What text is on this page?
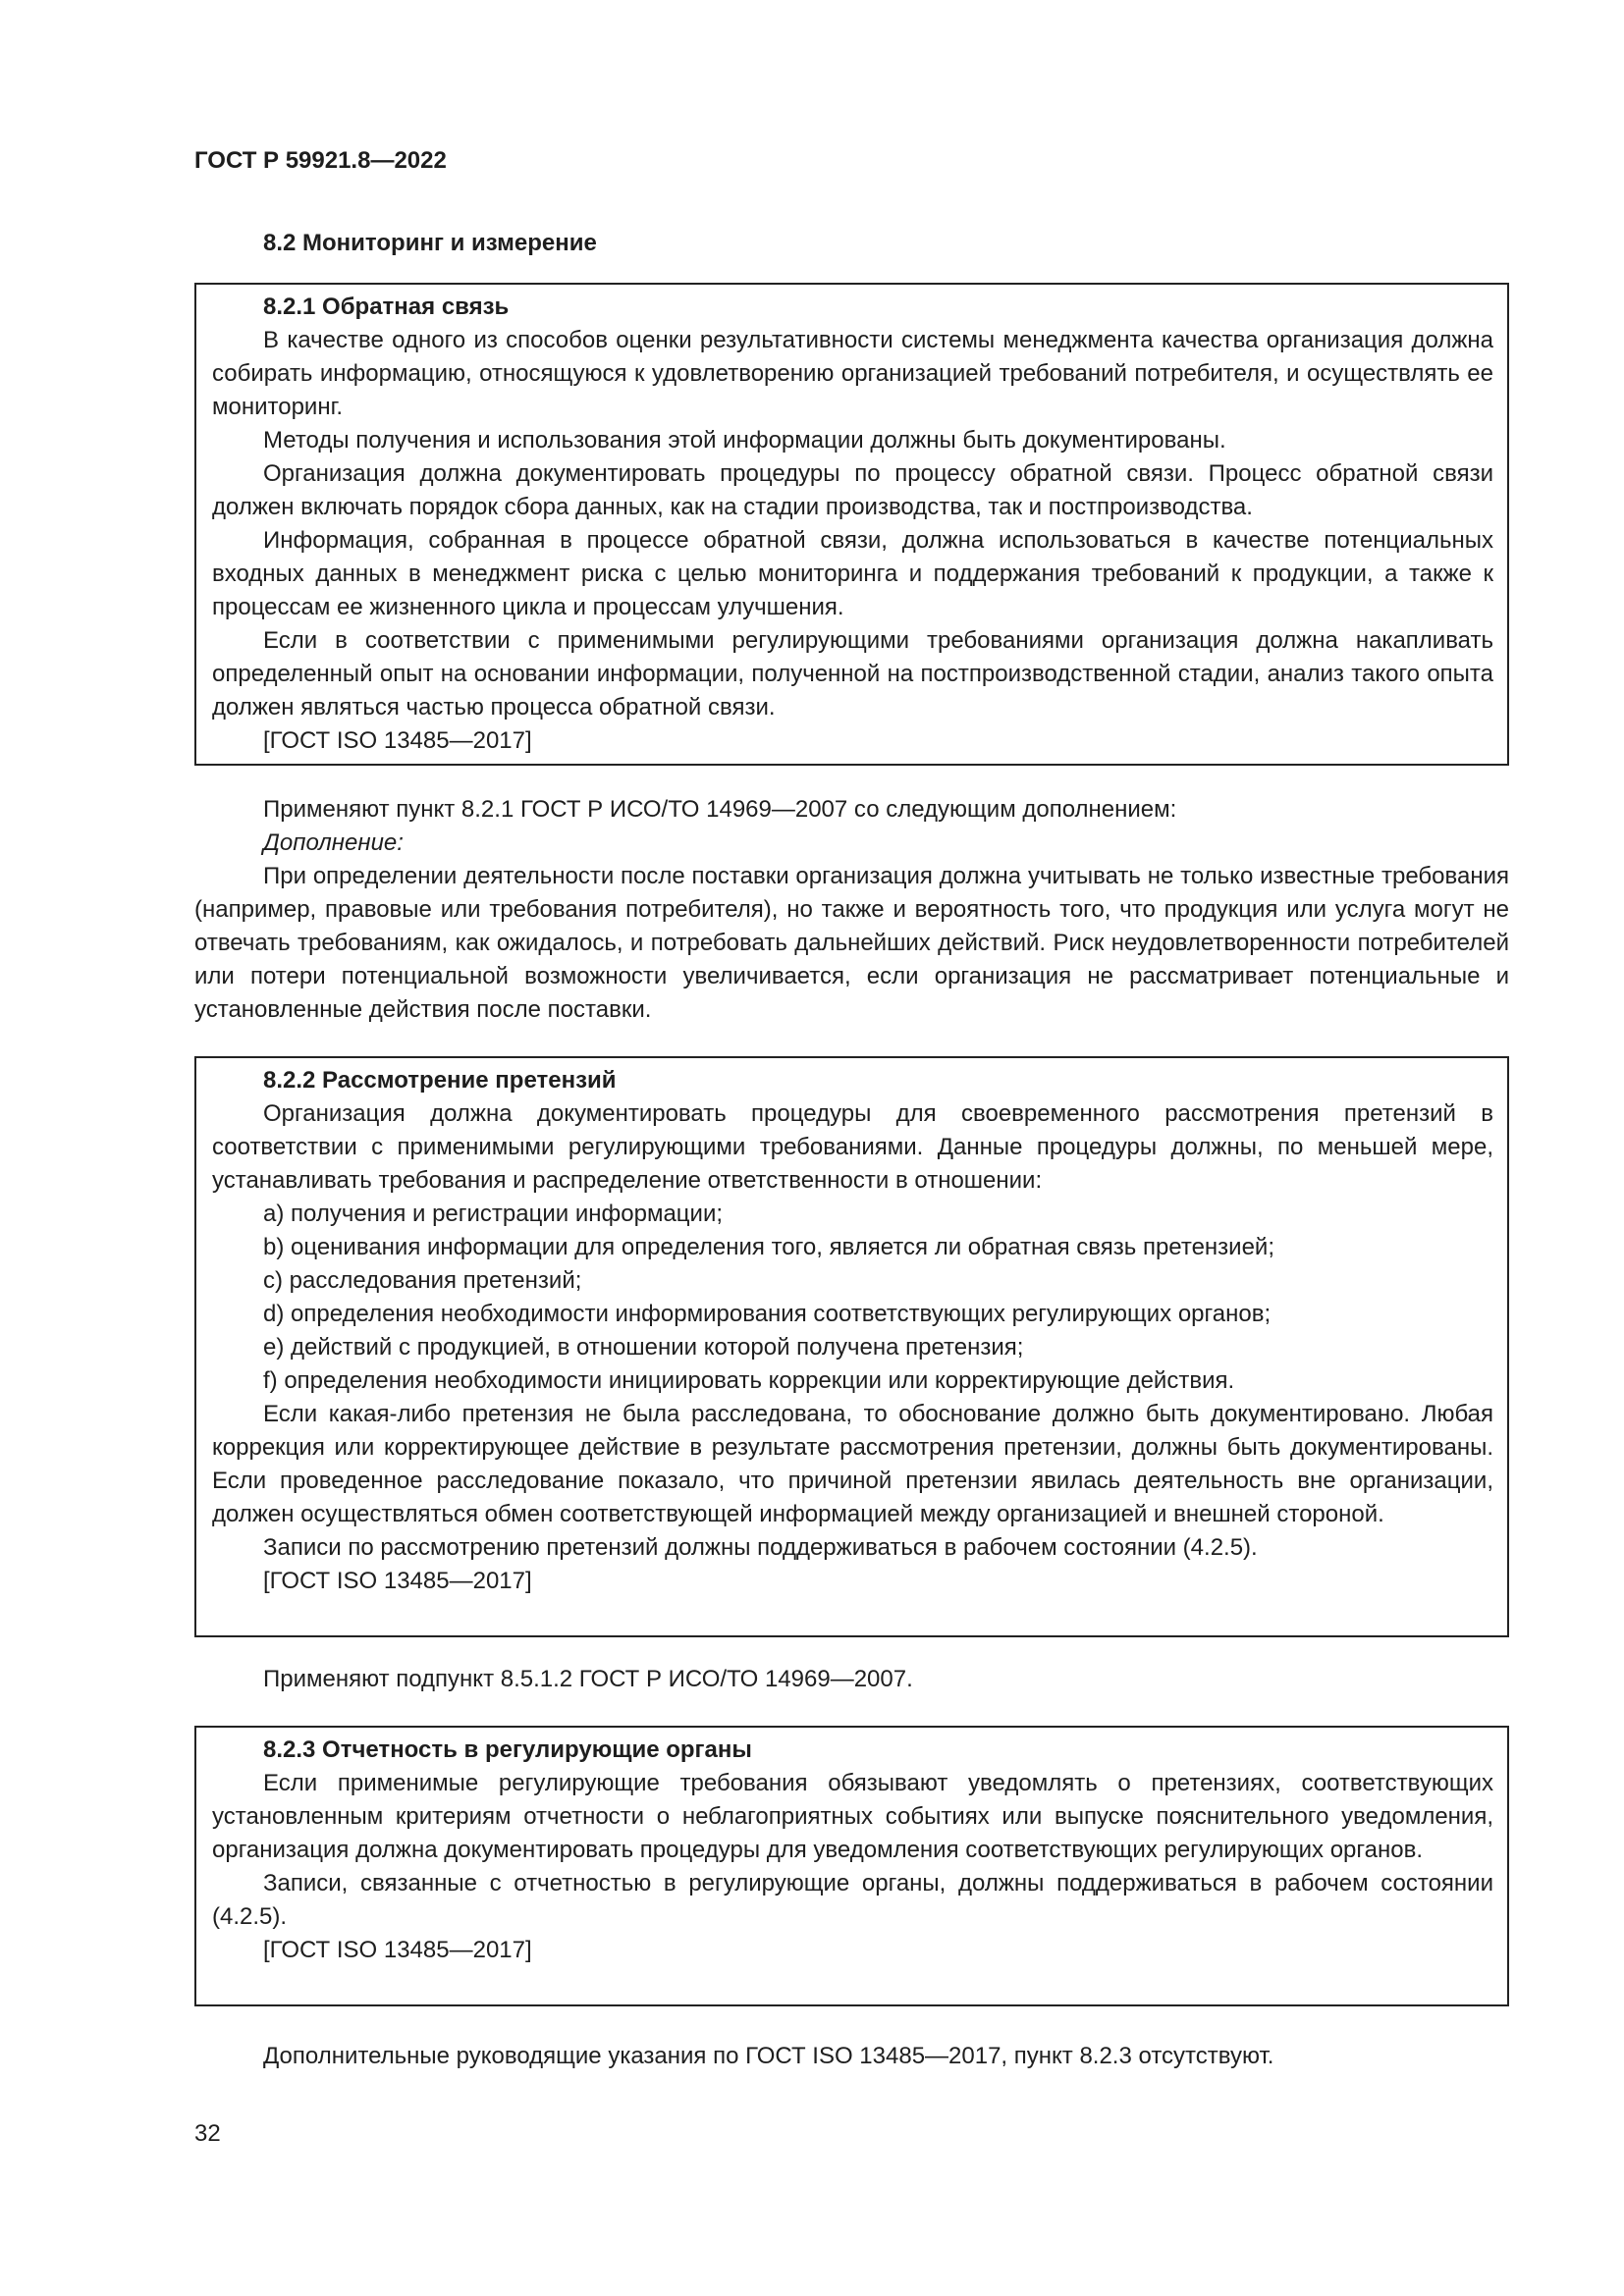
ГОСТ Р 59921.8—2022
8.2 Мониторинг и измерение
8.2.1 Обратная связь

В качестве одного из способов оценки результативности системы менеджмента качества организация должна собирать информацию, относящуюся к удовлетворению организацией требований потребителя, и осуществлять ее мониторинг.

Методы получения и использования этой информации должны быть документированы.

Организация должна документировать процедуры по процессу обратной связи. Процесс обратной связи должен включать порядок сбора данных, как на стадии производства, так и постпроизводства.

Информация, собранная в процессе обратной связи, должна использоваться в качестве потенциальных входных данных в менеджмент риска с целью мониторинга и поддержания требований к продукции, а также к процессам ее жизненного цикла и процессам улучшения.

Если в соответствии с применимыми регулирующими требованиями организация должна накапливать определенный опыт на основании информации, полученной на постпроизводственной стадии, анализ такого опыта должен являться частью процесса обратной связи.

[ГОСТ ISO 13485—2017]

Применяют пункт 8.2.1 ГОСТ Р ИСО/ТО 14969—2007 со следующим дополнением:

Дополнение:

При определении деятельности после поставки организация должна учитывать не только известные требования (например, правовые или требования потребителя), но также и вероятность того, что продукция или услуга могут не отвечать требованиям, как ожидалось, и потребовать дальнейших действий. Риск неудовлетворенности потребителей или потери потенциальной возможности увеличивается, если организация не рассматривает потенциальные и установленные действия после поставки.

8.2.2 Рассмотрение претензий

Организация должна документировать процедуры для своевременного рассмотрения претензий в соответствии с применимыми регулирующими требованиями. Данные процедуры должны, по меньшей мере, устанавливать требования и распределение ответственности в отношении:

a) получения и регистрации информации;
b) оценивания информации для определения того, является ли обратная связь претензией;
c) расследования претензий;
d) определения необходимости информирования соответствующих регулирующих органов;
e) действий с продукцией, в отношении которой получена претензия;
f) определения необходимости инициировать коррекции или корректирующие действия.

Если какая-либо претензия не была расследована, то обоснование должно быть документировано. Любая коррекция или корректирующее действие в результате рассмотрения претензии, должны быть документированы. Если проведенное расследование показало, что причиной претензии явилась деятельность вне организации, должен осуществляться обмен соответствующей информацией между организацией и внешней стороной.

Записи по рассмотрению претензий должны поддерживаться в рабочем состоянии (4.2.5).

[ГОСТ ISO 13485—2017]

Применяют подпункт 8.5.1.2 ГОСТ Р ИСО/ТО 14969—2007.

8.2.3 Отчетность в регулирующие органы

Если применимые регулирующие требования обязывают уведомлять о претензиях, соответствующих установленным критериям отчетности о неблагоприятных событиях или выпуске пояснительного уведомления, организация должна документировать процедуры для уведомления соответствующих регулирующих органов.

Записи, связанные с отчетностью в регулирующие органы, должны поддерживаться в рабочем состоянии (4.2.5).

[ГОСТ ISO 13485—2017]

Дополнительные руководящие указания по ГОСТ ISO 13485—2017, пункт 8.2.3 отсутствуют.

32
